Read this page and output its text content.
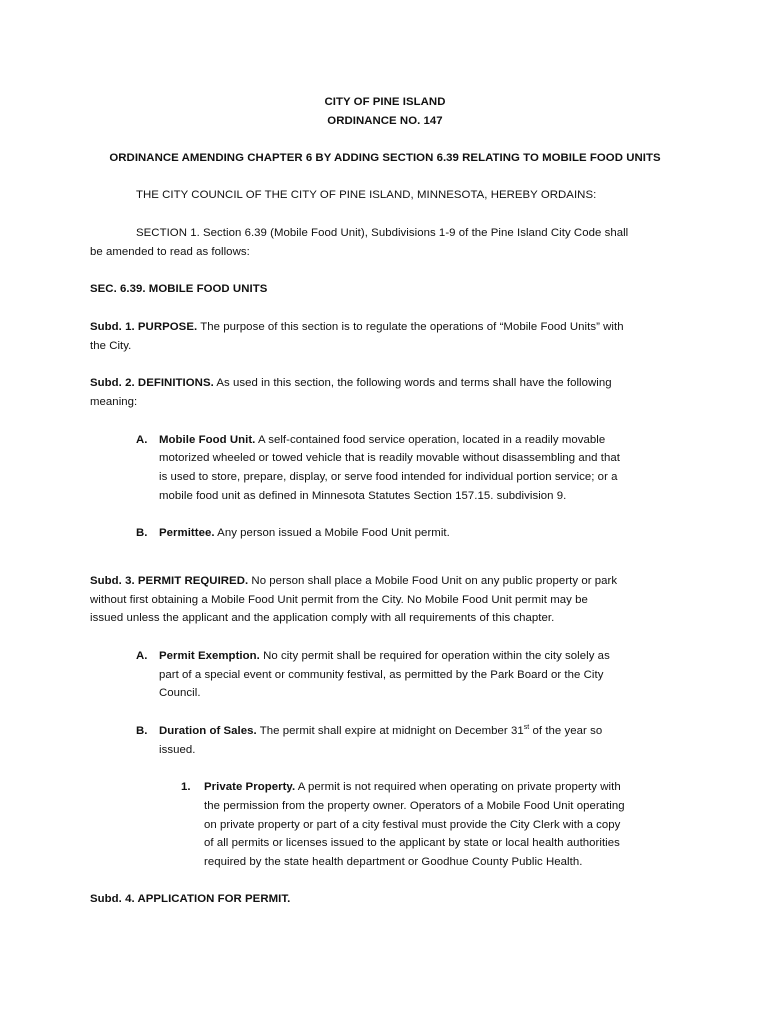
CITY OF PINE ISLAND
ORDINANCE NO. 147
ORDINANCE AMENDING CHAPTER 6 BY ADDING SECTION 6.39 RELATING TO MOBILE FOOD UNITS
THE CITY COUNCIL OF THE CITY OF PINE ISLAND, MINNESOTA, HEREBY ORDAINS:
SECTION 1. Section 6.39 (Mobile Food Unit), Subdivisions 1-9 of the Pine Island City Code shall
be amended to read as follows:
SEC. 6.39. MOBILE FOOD UNITS
Subd. 1. PURPOSE. The purpose of this section is to regulate the operations of “Mobile Food Units” with
the City.
Subd. 2. DEFINITIONS. As used in this section, the following words and terms shall have the following
meaning:
A. Mobile Food Unit. A self-contained food service operation, located in a readily movable
motorized wheeled or towed vehicle that is readily movable without disassembling and that
is used to store, prepare, display, or serve food intended for individual portion service; or a
mobile food unit as defined in Minnesota Statutes Section 157.15. subdivision 9.
B. Permittee. Any person issued a Mobile Food Unit permit.
Subd. 3. PERMIT REQUIRED. No person shall place a Mobile Food Unit on any public property or park
without first obtaining a Mobile Food Unit permit from the City. No Mobile Food Unit permit may be
issued unless the applicant and the application comply with all requirements of this chapter.
A. Permit Exemption. No city permit shall be required for operation within the city solely as
part of a special event or community festival, as permitted by the Park Board or the City
Council.
B. Duration of Sales. The permit shall expire at midnight on December 31st of the year so
issued.
1. Private Property. A permit is not required when operating on private property with
the permission from the property owner. Operators of a Mobile Food Unit operating
on private property or part of a city festival must provide the City Clerk with a copy
of all permits or licenses issued to the applicant by state or local health authorities
required by the state health department or Goodhue County Public Health.
Subd. 4. APPLICATION FOR PERMIT.
